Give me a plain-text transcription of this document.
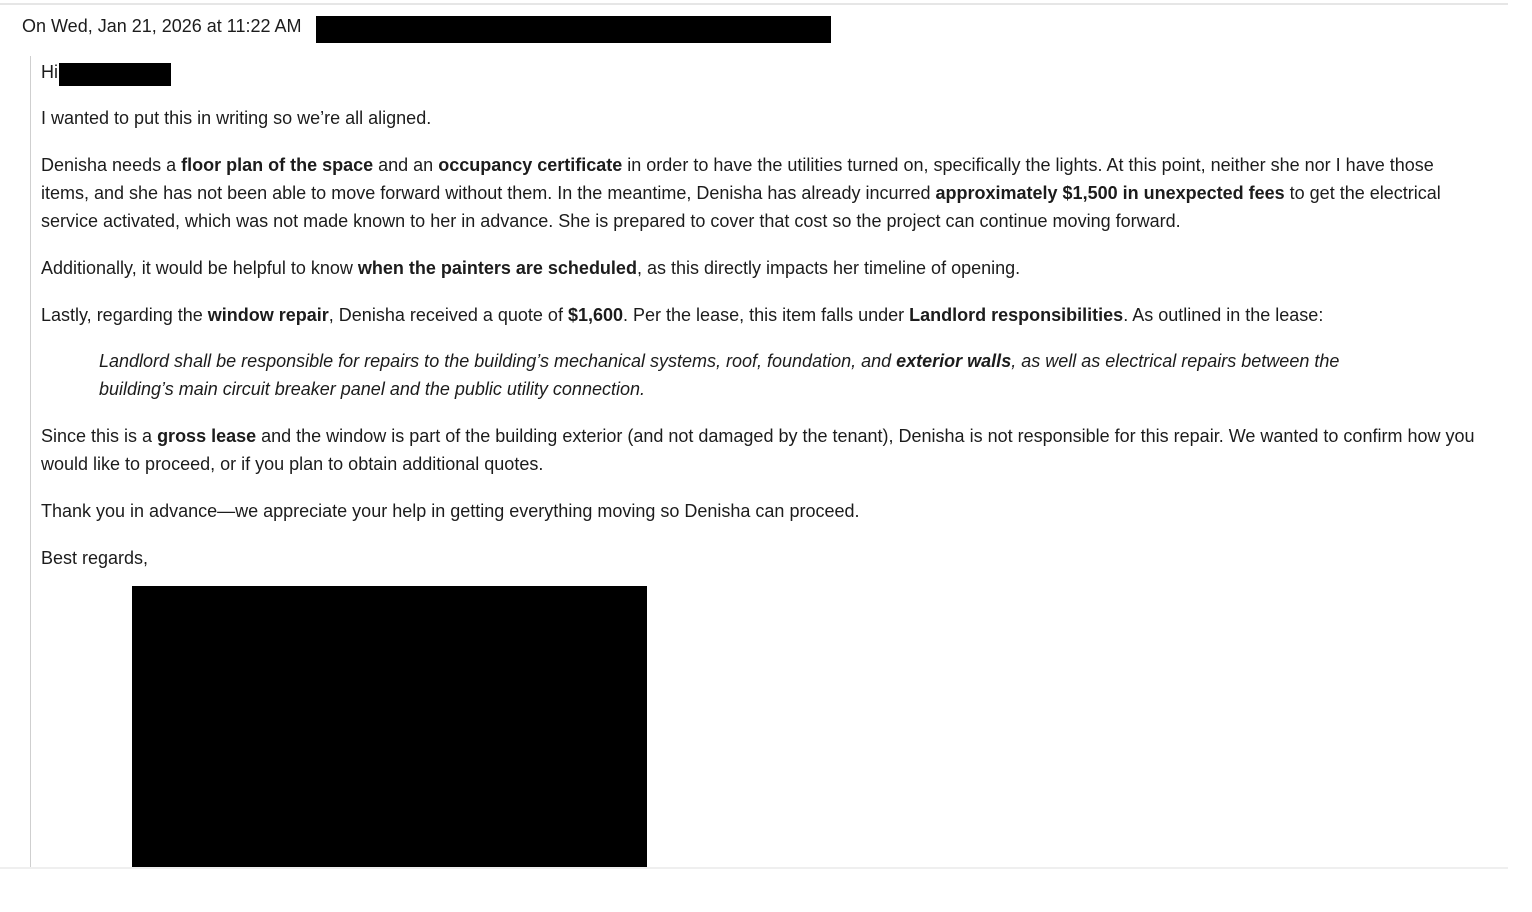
On Wed, Jan 21, 2026 at 11:22 AM

Hi

I wanted to put this in writing so we’re all aligned.

Denisha needs a floor plan of the space and an occupancy certificate in order to have the utilities turned on, specifically the lights. At this point, neither she nor I have those items, and she has not been able to move forward without them. In the meantime, Denisha has already incurred approximately $1,500 in unexpected fees to get the electrical service activated, which was not made known to her in advance. She is prepared to cover that cost so the project can continue moving forward.

Additionally, it would be helpful to know when the painters are scheduled, as this directly impacts her timeline of opening.

Lastly, regarding the window repair, Denisha received a quote of $1,600. Per the lease, this item falls under Landlord responsibilities. As outlined in the lease:

Landlord shall be responsible for repairs to the building’s mechanical systems, roof, foundation, and exterior walls, as well as electrical repairs between the building’s main circuit breaker panel and the public utility connection.

Since this is a gross lease and the window is part of the building exterior (and not damaged by the tenant), Denisha is not responsible for this repair. We wanted to confirm how you would like to proceed, or if you plan to obtain additional quotes.

Thank you in advance—we appreciate your help in getting everything moving so Denisha can proceed.

Best regards,
